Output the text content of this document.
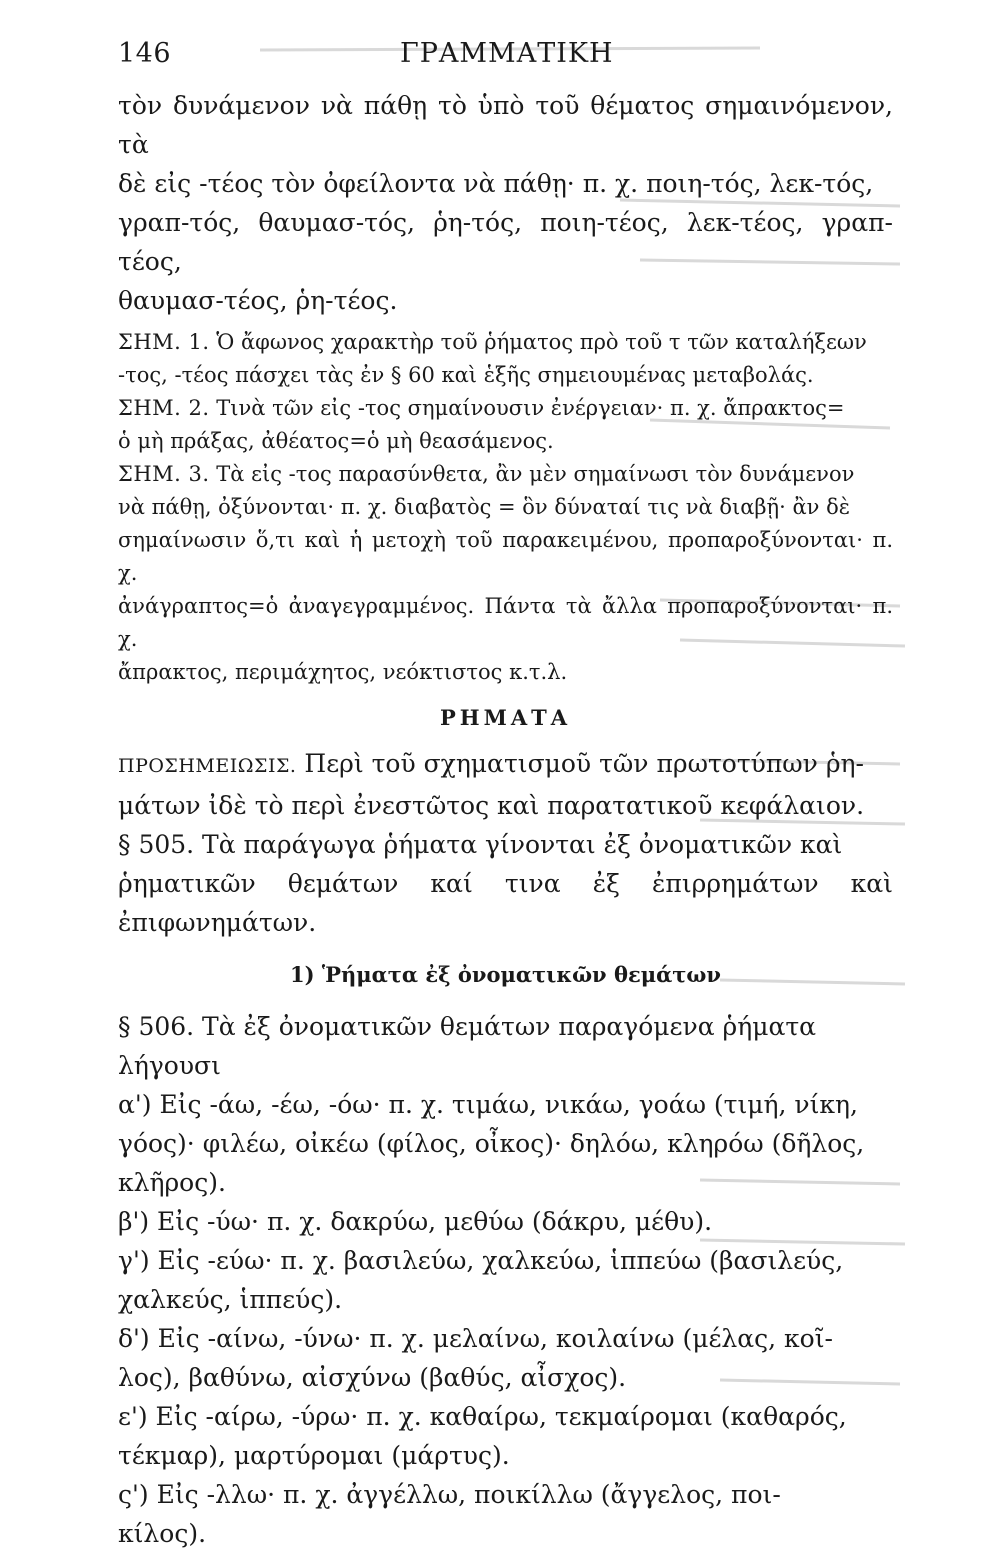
146	ΓΡΑΜΜΑΤΙΚΗ

τὸν δυνάμενον νὰ πάθῃ τὸ ὑπὸ τοῦ θέματος σημαινόμενον, τὰ

δὲ εἰς -τέος τὸν ὀφείλοντα νὰ πάθῃ· π. χ. ποιη-τός, λεκ-τός,

γραπ-τός, θαυμασ-τός, ῥη-τός, ποιη-τέος, λεκ-τέος, γραπ-τέος,

θαυμασ-τέος, ῥη-τέος.

ΣΗΜ. 1. Ὁ ἄφωνος χαρακτὴρ τοῦ ῥήματος πρὸ τοῦ τ τῶν καταλήξεων

-τος, -τέος πάσχει τὰς ἐν § 60 καὶ ἑξῆς σημειουμένας μεταβολάς.

ΣΗΜ. 2. Τινὰ τῶν εἰς -τος σημαίνουσιν ἐνέργειαν· π. χ. ἄπρακτος=

ὁ μὴ πράξας, ἀθέατος=ὁ μὴ θεασάμενος.

ΣΗΜ. 3. Τὰ εἰς -τος παρασύνθετα, ἂν μὲν σημαίνωσι τὸν δυνάμενον

νὰ πάθῃ, ὀξύνονται· π. χ. διαβατὸς = ὃν δύναταί τις νὰ διαβῇ· ἂν δὲ

σημαίνωσιν ὅ,τι καὶ ἡ μετοχὴ τοῦ παρακειμένου, προπαροξύνονται· π. χ.

ἀνάγραπτος=ὁ ἀναγεγραμμένος. Πάντα τὰ ἄλλα προπαροξύνονται· π. χ.

ἄπρακτος, περιμάχητος, νεόκτιστος κ.τ.λ.

ΡΗΜΑΤΑ

ΠΡΟΣΗΜΕΙΩΣΙΣ. Περὶ τοῦ σχηματισμοῦ τῶν πρωτοτύπων ῥη-

μάτων ἰδὲ τὸ περὶ ἐνεστῶτος καὶ παρατατικοῦ κεφάλαιον.

§ 505. Τὰ παράγωγα ῥήματα γίνονται ἐξ ὀνοματικῶν καὶ

ῥηματικῶν θεμάτων καί τινα ἐξ ἐπιρρημάτων καὶ ἐπιφωνημάτων.

1) Ῥήματα ἐξ ὀνοματικῶν θεμάτων

§ 506. Τὰ ἐξ ὀνοματικῶν θεμάτων παραγόμενα ῥήματα

λήγουσι

α') Εἰς -άω, -έω, -όω· π. χ. τιμάω, νικάω, γοάω (τιμή, νίκη,

γόος)· φιλέω, οἰκέω (φίλος, οἶκος)· δηλόω, κληρόω (δῆλος,

κλῆρος).

β') Εἰς -ύω· π. χ. δακρύω, μεθύω (δάκρυ, μέθυ).

γ') Εἰς -εύω· π. χ. βασιλεύω, χαλκεύω, ἱππεύω (βασιλεύς,

χαλκεύς, ἱππεύς).

δ') Εἰς -αίνω, -ύνω· π. χ. μελαίνω, κοιλαίνω (μέλας, κοῖ-

λος), βαθύνω, αἰσχύνω (βαθύς, αἶσχος).

ε') Εἰς -αίρω, -ύρω· π. χ. καθαίρω, τεκμαίρομαι (καθαρός,

τέκμαρ), μαρτύρομαι (μάρτυς).

ς') Εἰς -λλω· π. χ. ἀγγέλλω, ποικίλλω (ἄγγελος, ποι-

κίλος).
